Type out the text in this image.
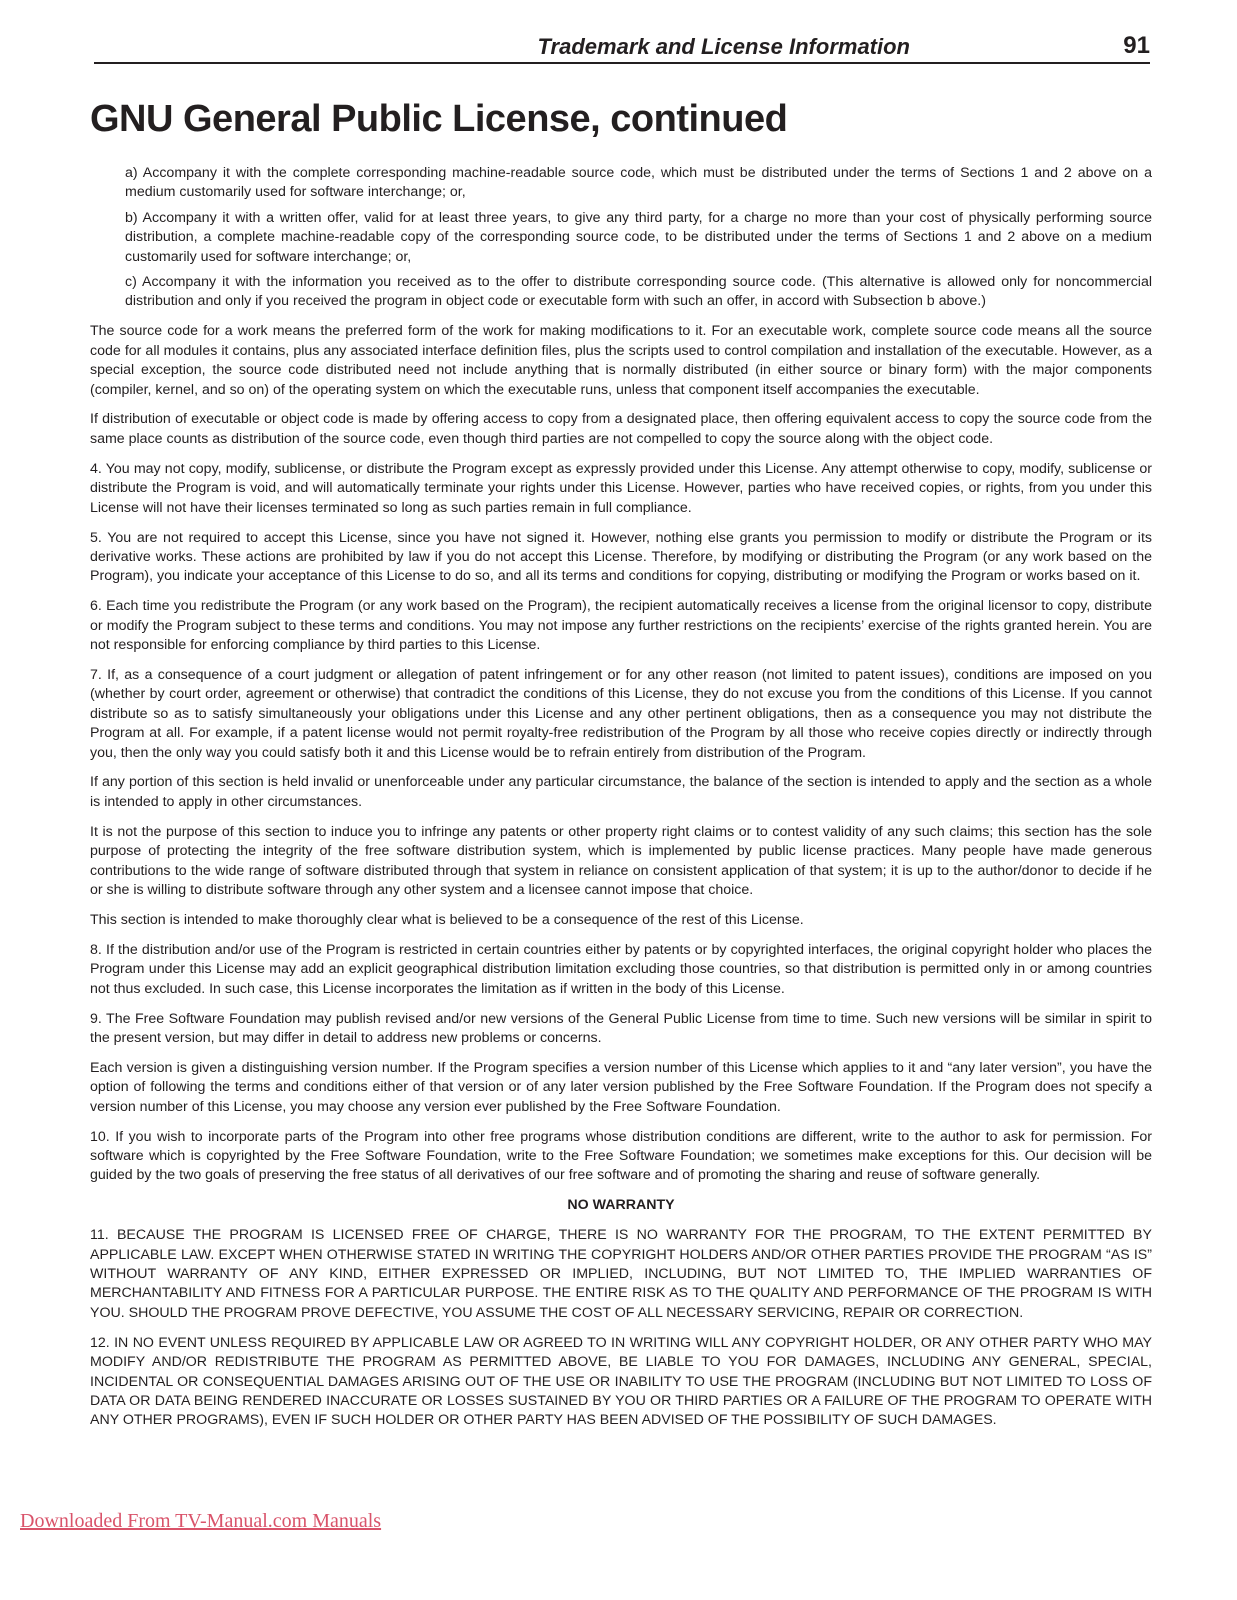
Trademark and License Information	91
GNU General Public License, continued

a) Accompany it with the complete corresponding machine-readable source code, which must be distributed under the terms of Sections 1 and 2 above on a medium customarily used for software interchange; or,

b) Accompany it with a written offer, valid for at least three years, to give any third party, for a charge no more than your cost of physically performing source distribution, a complete machine-readable copy of the corresponding source code, to be distributed under the terms of Sections 1 and 2 above on a medium customarily used for software interchange; or,

c) Accompany it with the information you received as to the offer to distribute corresponding source code. (This alternative is allowed only for noncommercial distribution and only if you received the program in object code or executable form with such an offer, in accord with Subsection b above.)

The source code for a work means the preferred form of the work for making modifications to it. For an executable work, complete source code means all the source code for all modules it contains, plus any associated interface definition files, plus the scripts used to control compilation and installation of the executable. However, as a special exception, the source code distributed need not include anything that is normally distributed (in either source or binary form) with the major components (compiler, kernel, and so on) of the operating system on which the executable runs, unless that component itself accompanies the executable.

If distribution of executable or object code is made by offering access to copy from a designated place, then offering equivalent access to copy the source code from the same place counts as distribution of the source code, even though third parties are not compelled to copy the source along with the object code.

4. You may not copy, modify, sublicense, or distribute the Program except as expressly provided under this License. Any attempt otherwise to copy, modify, sublicense or distribute the Program is void, and will automatically terminate your rights under this License. However, parties who have received copies, or rights, from you under this License will not have their licenses terminated so long as such parties remain in full compliance.

5. You are not required to accept this License, since you have not signed it. However, nothing else grants you permission to modify or distribute the Program or its derivative works. These actions are prohibited by law if you do not accept this License. Therefore, by modifying or distributing the Program (or any work based on the Program), you indicate your acceptance of this License to do so, and all its terms and conditions for copying, distributing or modifying the Program or works based on it.

6. Each time you redistribute the Program (or any work based on the Program), the recipient automatically receives a license from the original licensor to copy, distribute or modify the Program subject to these terms and conditions. You may not impose any further restrictions on the recipients’ exercise of the rights granted herein. You are not responsible for enforcing compliance by third parties to this License.

7. If, as a consequence of a court judgment or allegation of patent infringement or for any other reason (not limited to patent issues), conditions are imposed on you (whether by court order, agreement or otherwise) that contradict the conditions of this License, they do not excuse you from the conditions of this License. If you cannot distribute so as to satisfy simultaneously your obligations under this License and any other pertinent obligations, then as a consequence you may not distribute the Program at all. For example, if a patent license would not permit royalty-free redistribution of the Program by all those who receive copies directly or indirectly through you, then the only way you could satisfy both it and this License would be to refrain entirely from distribution of the Program.

If any portion of this section is held invalid or unenforceable under any particular circumstance, the balance of the section is intended to apply and the section as a whole is intended to apply in other circumstances.

It is not the purpose of this section to induce you to infringe any patents or other property right claims or to contest validity of any such claims; this section has the sole purpose of protecting the integrity of the free software distribution system, which is implemented by public license practices. Many people have made generous contributions to the wide range of software distributed through that system in reliance on consistent application of that system; it is up to the author/donor to decide if he or she is willing to distribute software through any other system and a licensee cannot impose that choice.

This section is intended to make thoroughly clear what is believed to be a consequence of the rest of this License.

8. If the distribution and/or use of the Program is restricted in certain countries either by patents or by copyrighted interfaces, the original copyright holder who places the Program under this License may add an explicit geographical distribution limitation excluding those countries, so that distribution is permitted only in or among countries not thus excluded. In such case, this License incorporates the limitation as if written in the body of this License.

9. The Free Software Foundation may publish revised and/or new versions of the General Public License from time to time. Such new versions will be similar in spirit to the present version, but may differ in detail to address new problems or concerns.

Each version is given a distinguishing version number. If the Program specifies a version number of this License which applies to it and “any later version”, you have the option of following the terms and conditions either of that version or of any later version published by the Free Software Foundation. If the Program does not specify a version number of this License, you may choose any version ever published by the Free Software Foundation.

10. If you wish to incorporate parts of the Program into other free programs whose distribution conditions are different, write to the author to ask for permission. For software which is copyrighted by the Free Software Foundation, write to the Free Software Foundation; we sometimes make exceptions for this. Our decision will be guided by the two goals of preserving the free status of all derivatives of our free software and of promoting the sharing and reuse of software generally.

NO WARRANTY

11. BECAUSE THE PROGRAM IS LICENSED FREE OF CHARGE, THERE IS NO WARRANTY FOR THE PROGRAM, TO THE EXTENT PERMITTED BY APPLICABLE LAW. EXCEPT WHEN OTHERWISE STATED IN WRITING THE COPYRIGHT HOLDERS AND/OR OTHER PARTIES PROVIDE THE PROGRAM “AS IS” WITHOUT WARRANTY OF ANY KIND, EITHER EXPRESSED OR IMPLIED, INCLUDING, BUT NOT LIMITED TO, THE IMPLIED WARRANTIES OF MERCHANTABILITY AND FITNESS FOR A PARTICULAR PURPOSE. THE ENTIRE RISK AS TO THE QUALITY AND PERFORMANCE OF THE PROGRAM IS WITH YOU. SHOULD THE PROGRAM PROVE DEFECTIVE, YOU ASSUME THE COST OF ALL NECESSARY SERVICING, REPAIR OR CORRECTION.

12. IN NO EVENT UNLESS REQUIRED BY APPLICABLE LAW OR AGREED TO IN WRITING WILL ANY COPYRIGHT HOLDER, OR ANY OTHER PARTY WHO MAY MODIFY AND/OR REDISTRIBUTE THE PROGRAM AS PERMITTED ABOVE, BE LIABLE TO YOU FOR DAMAGES, INCLUDING ANY GENERAL, SPECIAL, INCIDENTAL OR CONSEQUENTIAL DAMAGES ARISING OUT OF THE USE OR INABILITY TO USE THE PROGRAM (INCLUDING BUT NOT LIMITED TO LOSS OF DATA OR DATA BEING RENDERED INACCURATE OR LOSSES SUSTAINED BY YOU OR THIRD PARTIES OR A FAILURE OF THE PROGRAM TO OPERATE WITH ANY OTHER PROGRAMS), EVEN IF SUCH HOLDER OR OTHER PARTY HAS BEEN ADVISED OF THE POSSIBILITY OF SUCH DAMAGES.

Downloaded From TV-Manual.com Manuals
